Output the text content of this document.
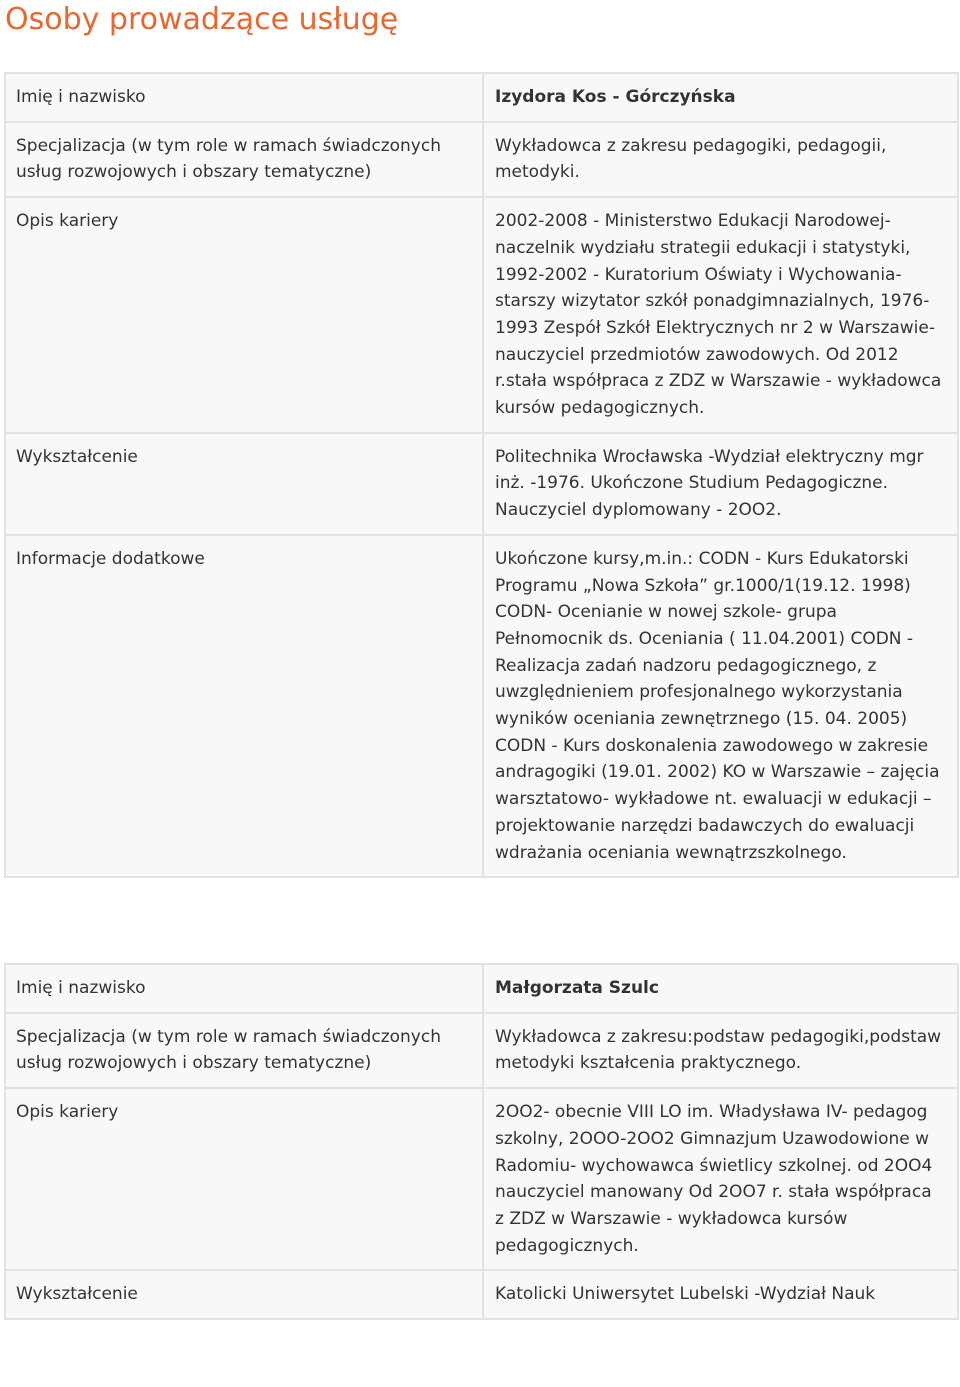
Osoby prowadzące usługę
Imię i nazwisko	Izydora Kos - Górczyńska
Specjalizacja (w tym role w ramach świadczonych usług rozwojowych i obszary tematyczne)	Wykładowca z zakresu pedagogiki, pedagogii, metodyki.
Opis kariery	2002-2008 - Ministerstwo Edukacji Narodowej- naczelnik wydziału strategii edukacji i statystyki, 1992-2002 - Kuratorium Oświaty i Wychowania- starszy wizytator szkół ponadgimnazialnych, 1976-1993 Zespół Szkół Elektrycznych nr 2 w Warszawie- nauczyciel przedmiotów zawodowych. Od 2012 r.stała współpraca z ZDZ w Warszawie - wykładowca kursów pedagogicznych.
Wykształcenie	Politechnika Wrocławska -Wydział elektryczny mgr inż. -1976. Ukończone Studium Pedagogiczne. Nauczyciel dyplomowany - 2OO2.
Informacje dodatkowe	Ukończone kursy,m.in.: CODN - Kurs Edukatorski Programu „Nowa Szkoła” gr.1000/1(19.12. 1998) CODN- Ocenianie w nowej szkole- grupa Pełnomocnik ds. Oceniania ( 11.04.2001) CODN - Realizacja zadań nadzoru pedagogicznego, z uwzględnieniem profesjonalnego wykorzystania wyników oceniania zewnętrznego (15. 04. 2005) CODN - Kurs doskonalenia zawodowego w zakresie andragogiki (19.01. 2002) KO w Warszawie – zajęcia warsztatowo- wykładowe nt. ewaluacji w edukacji – projektowanie narzędzi badawczych do ewaluacji wdrażania oceniania wewnątrzszkolnego.
Imię i nazwisko	Małgorzata Szulc
Specjalizacja (w tym role w ramach świadczonych usług rozwojowych i obszary tematyczne)	Wykładowca z zakresu:podstaw pedagogiki,podstaw metodyki kształcenia praktycznego.
Opis kariery	2OO2- obecnie VIII LO im. Władysława IV- pedagog szkolny, 2OOO-2OO2 Gimnazjum Uzawodowione w Radomiu- wychowawca świetlicy szkolnej. od 2OO4 nauczyciel manowany Od 2OO7 r. stała współpraca z ZDZ w Warszawie - wykładowca kursów pedagogicznych.
Wykształcenie	Katolicki Uniwersytet Lubelski -Wydział Nauk
